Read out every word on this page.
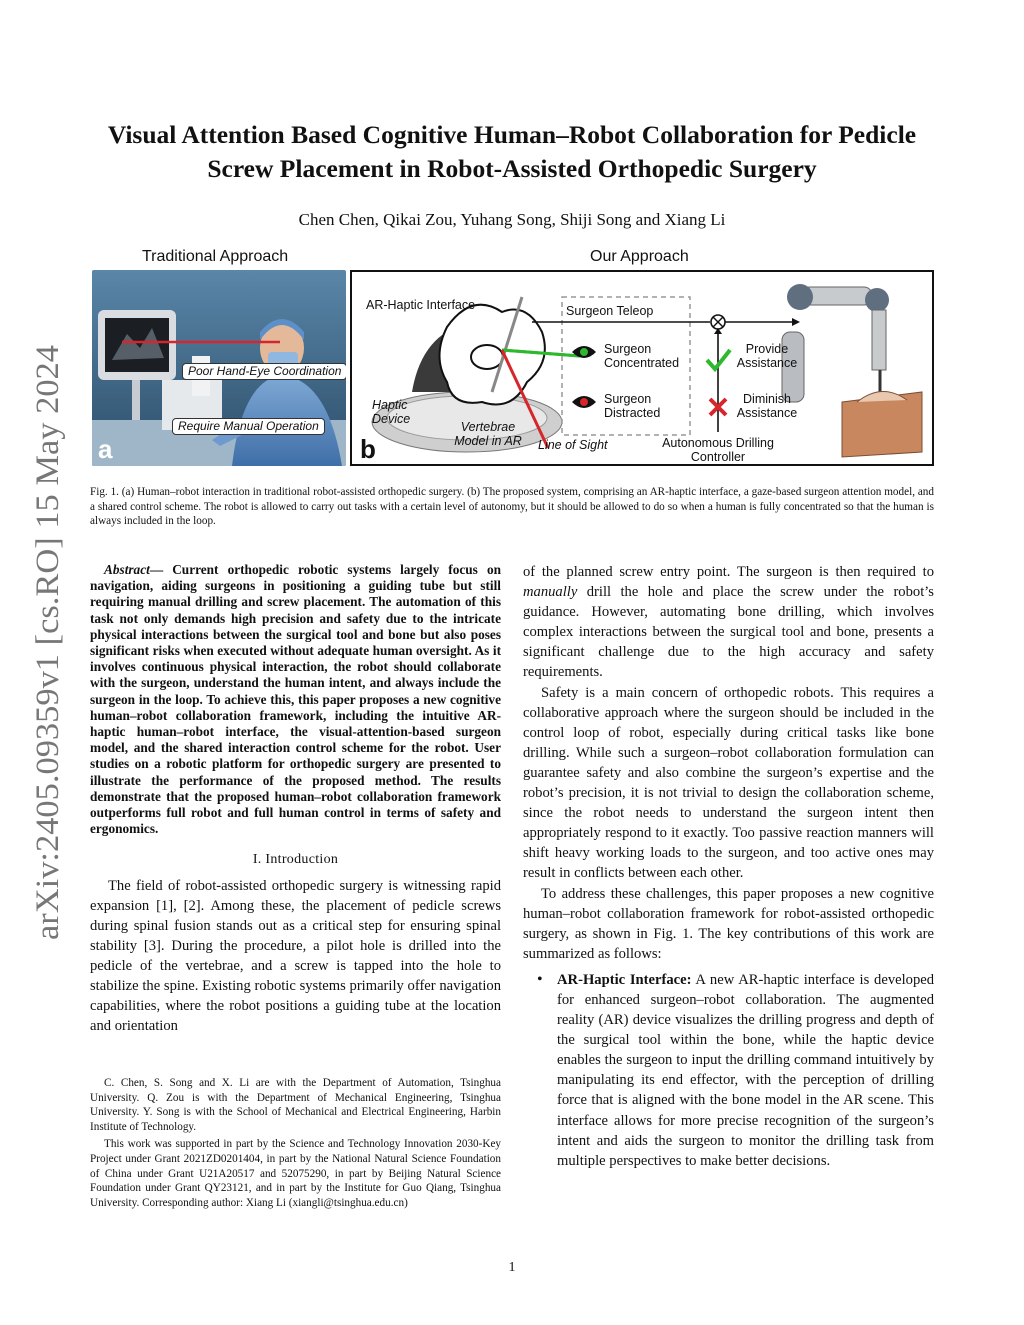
arXiv:2405.09359v1 [cs.RO] 15 May 2024
Visual Attention Based Cognitive Human–Robot Collaboration for Pedicle Screw Placement in Robot-Assisted Orthopedic Surgery
Chen Chen, Qikai Zou, Yuhang Song, Shiji Song and Xiang Li
Traditional Approach	Our Approach
Poor Hand-Eye Coordination
Require Manual Operation
a
AR-Haptic Interface
Haptic Device
Vertebrae Model in AR	Line of Sight
Surgeon Teleop
Surgeon Concentrated
Surgeon Distracted
Provide Assistance
Diminish Assistance
Autonomous Drilling Controller
b
Fig. 1. (a) Human–robot interaction in traditional robot-assisted orthopedic surgery. (b) The proposed system, comprising an AR-haptic interface, a gaze-based surgeon attention model, and a shared control scheme. The robot is allowed to carry out tasks with a certain level of autonomy, but it should be allowed to do so when a human is fully concentrated so that the human is always included in the loop.

Abstract— Current orthopedic robotic systems largely focus on navigation, aiding surgeons in positioning a guiding tube but still requiring manual drilling and screw placement. The automation of this task not only demands high precision and safety due to the intricate physical interactions between the surgical tool and bone but also poses significant risks when executed without adequate human oversight. As it involves continuous physical interaction, the robot should collaborate with the surgeon, understand the human intent, and always include the surgeon in the loop. To achieve this, this paper proposes a new cognitive human–robot collaboration framework, including the intuitive AR-haptic human–robot interface, the visual-attention-based surgeon model, and the shared interaction control scheme for the robot. User studies on a robotic platform for orthopedic surgery are presented to illustrate the performance of the proposed method. The results demonstrate that the proposed human–robot collaboration framework outperforms full robot and full human control in terms of safety and ergonomics.

I. Introduction

The field of robot-assisted orthopedic surgery is witnessing rapid expansion [1], [2]. Among these, the placement of pedicle screws during spinal fusion stands out as a critical step for ensuring spinal stability [3]. During the procedure, a pilot hole is drilled into the pedicle of the vertebrae, and a screw is tapped into the hole to stabilize the spine. Existing robotic systems primarily offer navigation capabilities, where the robot positions a guiding tube at the location and orientation

C. Chen, S. Song and X. Li are with the Department of Automation, Tsinghua University. Q. Zou is with the Department of Mechanical Engineering, Tsinghua University. Y. Song is with the School of Mechanical and Electrical Engineering, Harbin Institute of Technology.

This work was supported in part by the Science and Technology Innovation 2030-Key Project under Grant 2021ZD0201404, in part by the National Natural Science Foundation of China under Grant U21A20517 and 52075290, in part by Beijing Natural Science Foundation under Grant QY23121, and in part by the Institute for Guo Qiang, Tsinghua University. Corresponding author: Xiang Li (xiangli@tsinghua.edu.cn)

of the planned screw entry point. The surgeon is then required to manually drill the hole and place the screw under the robot’s guidance. However, automating bone drilling, which involves complex interactions between the surgical tool and bone, presents a significant challenge due to the high accuracy and safety requirements.

Safety is a main concern of orthopedic robots. This requires a collaborative approach where the surgeon should be included in the control loop of robot, especially during critical tasks like bone drilling. While such a surgeon–robot collaboration formulation can guarantee safety and also combine the surgeon’s expertise and the robot’s precision, it is not trivial to design the collaboration scheme, since the robot needs to understand the surgeon intent then appropriately respond to it exactly. Too passive reaction manners will shift heavy working loads to the surgeon, and too active ones may result in conflicts between each other.

To address these challenges, this paper proposes a new cognitive human–robot collaboration framework for robot-assisted orthopedic surgery, as shown in Fig. 1. The key contributions of this work are summarized as follows:

• AR-Haptic Interface: A new AR-haptic interface is developed for enhanced surgeon–robot collaboration. The augmented reality (AR) device visualizes the drilling progress and depth of the surgical tool within the bone, while the haptic device enables the surgeon to input the drilling command intuitively by manipulating its end effector, with the perception of drilling force that is aligned with the bone model in the AR scene. This interface allows for more precise recognition of the surgeon’s intent and aids the surgeon to monitor the drilling task from multiple perspectives to make better decisions.
1
